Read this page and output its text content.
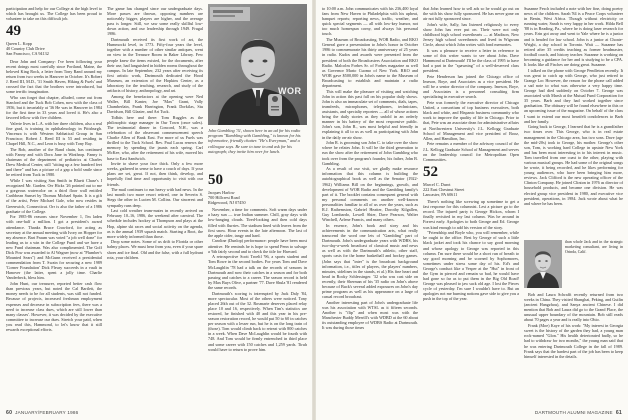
participation and help for our College at the high level to which has brought us. The College has been proud to volunteer to take on this difficult job.

49
Queen L. Kopp
40 Country Club Drive
San Francisco, CA 94132

Dear John and Company: I've been following your recent doings most carefully since Portland, Maine, the beloved King Rock, a letter from Tony Rand around my return from two weeks in Hanover in October. It's Robert J. Reed III, M.D., '31 Smith Haven, Hiking & Fuels' and crossed the fact that the brothers were introduced, but some terrific imagination.

Who can forget that chapter, alluded, come out from Stanford and the Tuck Bob Cohen, now with the class of 1956, but it invariably at '36 He was in Hanover in 1984 for the first time in 33 years and loved it. He's also a favored fellow with five children.

Valerie lives in L.A. with her three children, also a real fine grad, is training in ophthalmology in Pittsburgh. Vincenza is with Western Sabbatical Group in San Francisco; Robert J. Reed III is 53 and residing in Chapel Hill, N.C., and Leon is busy with Tony Ray.

The Bob, another of the Rand chain, has continued with Fanny and with Dora Jane in Winthrop. Fanny is chairman of the department of pediatrics at Charles Drew Medical Center, still "sitting up a few hundred feet and there" and has a picture of a gap a bold smile since he retired from Tuck in 1980.

While I was visiting San Smith in Bluett Chase's I recognized Mr. Garden. Orr Hicks '26 pointed out to me a gorgeous watercolor on a third floor wall entitled Caribbean Sunset by Thomas Michael Spain. It is a gift of the artist, Peter Michael Gale, who now resides in Greenwich, Connecticut. Orr is also the father of a 1986 graduate of the College.

For 1985-86 reasons since November 1, I'm laden with one-half a million. I got a president's award attendance. Thanks Bruce Crawford, for acting as secretary at the annual meeting with Ivory on Hopper for my absence. Bart Fraum was voted "a job well done" for leading us to a win in the College Fund and we have a new Fund chairman. Was also complimented. The Golf Dick Pow was awarded to Al Wagner (now at "Plumber's Mounted Sears") and McGunn received a presidential commendation from T. Swain for securing a new 1989 'Corner Foundation' Dick Fleury succeeds in a vault in Hanover (the latter, spent a jolly time. Charlie Vanderbeck, bless him.

John Hunt, our treasurer, reported better cash flow than previous years, but noted the Cal Bartlett, the money needs to be for all students, was still not funded. Because of projects, increased freshman employment expenses and decrease in subscription fees, there was a need to increase class dues, which are still lower than many classes'. However, it was decided by the executive committee to increase our dues. Stretch your paid, when you read this, Hammond, to let's know that it still rewards exceptional efforts.

The game has changed since our undergraduate days. More passes are thrown, opposing numbers are noticeably bigger, players are higher, and the average pass is longer. Still, we saw some really skillful low-down action, and our leadership through 1949. Frugal 1986.

Dartmouth received its first work of art, the Hummocki level, in 1773. Fifty-four years the level, together with a number of other similar antiques, went on view in the Treasure Room in Baker Library. Few people knew the items existed, for the documents, after their use, had languished in hidden rooms throughout the campus. In late September, 232 years after receiving its first artistic work, Dartmouth dedicated the Hood Museum, an extension of the Hopkins Center, as a laboratory for the teaching, research, and study of the artifacts of history, anthropology, and art.

Among the benefactors at the opening were Ned Waller, Bill Kanter, Joe "Max" Grant, Vally Chamberlain, Frank Harrington, Frank Dorkilas, Stu Davidson, Bill Glazier, and Art Tuck.

Tidbits here and there: Tom Ruggles as the philosophic stage manager in Our Town (once sales). The testimonial dinner in Concord, N.H., was a celebration of the observant commencement speech Charlie Allen of Bank East. For more of us Fuels was thrilled to the Tuck School. Rev. Paul Lucas renews the memory by spending the jaunts each spring. Carl McKee, who, after the retirement of his wife, moved his base to East Sandwich.

Invite to shave your face thick. Only a few more weeks, gathered in sense to have a couch of days. If your plans are set, great. If not, then think, develop, and hopefully find time and opportunity to visit with our friends.

The mail continues to run heavy with bad news. In the last month two more resort retired, one in Severin S. Stegs the other in Lucien M. Collins. Our sincerest and sympathy runs deep.

Last cold weather team-mates in recently arrived on February 10–16, 1986, the weekend after carnival. The schedule includes hockey at Thompson and plays at the Hop, alpine ski races and social activity on the agenda, as is the annual 1939 squash match. Starting a Boot, the more widely informed than those.

Drop some notes. Some of us drift to Florida or other balmy places. We must hear from you, even if your spare shoes and ice final. Old and the false, with a full hydrant rota, your children.

WOR
John Gambling '31, shown here in an ad for his radio program "Rambling with Gambling," is known for his informative, friendly chatter. "He's Everyman," and a colleague says. Be sure to tune in and ask for his autograph; they invite him over for lunch.
50
Jacques Harlow
700 Hillcrest Road
Ridgewood, NJ 07450

November, a time for comments. Soft warm days under a hazy sun — true Indian summer. Chill, gray days with low-hanging clouds. Tired-looking and then cold days filled with flurries. The stadium lined with leaves from the first snow. Hour events in the late afternoon. The last of the apple cider, tangy and hard.

Caroline (Dunlop) performance: people have been most attentive. He reminds he is hope to spend Penn to salvage a '6th fairly second and to check the title for Harvard.

A retrospective Scott Troeltl '96, a sports student and Tom Rowe in the second bodies. For years Tom and Dave McLaughlin '78 had a talk on the records of seasons in Dartmouth and now their catches in a season and for both passing and catches to a career. The season record is held by Max Buys Olive, a partner '77. Dave Shula '81 rendered the same records.

Dartmouth's scoring is interrupted by Jack Daly '84, more spectacular. Most of the others were noticed. Tony placed 26th out of the 32. Rosmarie deserves placed relay place 10 and 16, respectively. When Tim's statistics are restored, he finished with 40 and this year in his pre-season restoration record, he would put 50 to 60 in catches per season with a lesser run, but he is on the long train of (those). Tom would climb back to retreat with 800 catches in a week. When Dave McLaughlin would be fourth with 748. And Tom would be firmly entrenched in third place and some career with 150 catches and 1,259 yards. Tiruh would have to return to prove him.

60 JANUARY/FEBRUARY 1986

to 10:00 a.m. John communicates with his 236,400 loyal fans from New Haven to Philadelphia with his upbeat, banquet reports; reporting news, traffic, weather, and quick special segments — all with low-key humor, not too much homespun corny, and always his personal touch.

The Museum of Broadcasting, WOR Radio, and RKO General gave a presentation to John's honor in October 1986 to commemorate his thirty anniversary of 25 years in radio. Kudos and awards were presented from the president of both the Broadcasters Association and RKO Radio. Malcolm Forbes Sr. of Forbes magazine as well as Governor Mario Cuomo of New York. RKO and WOR gave $500,000 in John's name to the Museum of Broadcasting to establish and maintain a radio department.

This will make the pleasure of visiting and watching John in action this past fall on his popular daily shows. John is also an immaculate set of comments, dials, tapes, teamfeeds, microphones, telephones, technicians, assistants, and specialty reporters — all of whose actions bring the daily stories as they unfold in an orderly manner in his battery of the most responsive public. John's son, John R., was most helpful and friendly in explaining it all to us as well as participating with John in the daily on-air show.

John R. is grooming son John C. to take over the show where he relates John. It will be the third generation to run the show after the retirement of John Gambling who took over from the program's founder, his father, John B. Gambling.

As a result of our visit, we gladly make resource information that this column is building the autobiographical book as well as the Senator (1922-1962) Williams Bill on the beginnings, growth, and development of WOR Radio and the Gambling family's part of it. The booklet contains consequent general with my personal comments on another well-known personalities familiar to all of us over the years, such as R.J. Rathemston, Gabriel Heatter, Dorothy Kilgallen, Guy Lombardo, Lowell Shier, Dave Pearson, Walter Winchell, Arlene Francis, and many others.

In essence, John's book and story and his achievements in the communication arts, what really transcend the word one lets of "Gambling" part of Dartmouth. John's undergraduate years with WDBS, his two-day-a-week broadcast of classical music and news as well as with the Dartmouth's athletic, other staff, sports casts for the home basketball and hockey games. (John says that "inter" is the broadcast background information, i.e., titles of players, the players' numbers, minutes, sidelines in the stands, et al.) His fine heart and head in Rocky Schlessinger. '32 who was cast side on recently, their Sherman of his '35 radio on John's above because of Buck's several added exposures on John's day prime program as well as his appearance on a large of casual record broadcast.

Another interesting part of John's undergraduate life was his association with WTSL as it fifteen seconds. Another is "flip" and when most was with the Manchester Buddy Merrill's with WDBD at the 60 about its outstanding employee of WDBS Radio at Dartmouth. It was during those times

that John learned how to sell ads so he would go out on the with his show fully sponsored. He has never gone on air not fully sponsored since.

John's wife, Sally, has listened religiously to every show John has ever put on. Their were not only childhood high school sweethearts — at Madison, New Jersey high school sweethearts and lived in Wigwam Circle, about which John writes with fond memories.

It was a pleasure to receive a letter in reference to some of this writer wants to see about John. Dave Hammond at Dartmouth! I'll be the class of 1995 to have had a part in the "spawning" of a well-deserved class president.

Pete Henderson has joined the Chicago office of Imeson, Boye, and Associates as a vice president. He will be a senior director of the company. Imeson, Boye, and Associates is a personnel consulting firm specializing in executive search.

Pete was formerly the executive director of Chicago United, a consortium of top business executives, both black and white, and Hispanic business community who work to improve the quality of life in Chicago. Prior to that, Pete was an associate dean for administrative affairs at Northwestern University's J.L. Kellogg Graduate School of Management and vice president of Booz, Allen, and Hamilton, Inc.

Pete remains a member of the advisory council of the J.L. Kellogg Graduate School of Management and serves on the leadership council for Metropolitan Open Communities.

52
Marcel C. Durot
222 East Chestnut Street
Lancaster, PA 60611

There's nothing like screwing up sometime to get a fast response for this columnist. Lest a picture go to the record. The injured party is George Hickox, whom I finally revisited in my last column. Was he around in Forrest early. Apologies to both George and Ed. George was kind enough to add his version of the story.

"Friendship and Boyle who, you will remember, while he ought to the office. Best by George of such a little black jacket and took his chance to say good morning and whose apology to George was reported in this column. I'm sure there would be a short run of breath to say good morning and be scorned by Sophomores, sometimes under stress some day of his. Ed's and George's conduct like a Vesper at the "Hut" in front of the Gym in pierced and remain so bad, he would have had gone so far as to put them in the Big Old Road! George was pleased to jaw sack old age. I lost the Pieces cycle of yesterday. I'm sure I wouldn't have to. But an apologies not me burning notions gave side to give you a push in the top of the year.

Suzanne Fesch included a note with her fine, doing poetry news of the children. Sarah '84 is a Peace Corps volunteer in Benin, West Africa. Though without electricity or running water, Sarah is very happy in her work. Hilda Bell '88 is in Reading, Pa., where he is doing laser research for years. Erin got away and went to Yale where he is a junior and is headed for law school. John is a junior at Choate-Wright, a day school in Toronto. Wait — Suzanne has retired after 35 credits teaching as former headmaster, football coach, and history teacher. Suzanne is working on becoming a guidance for her and is studying to be a CPA. It looks like all Fisches are doing great. Suzanne.

I talked on the phone with George Pendleton recently. It was great to catch up with George, who just retired to Grange Loc However, the reason for the phone call added a sad note to what was otherwise a very happy time. George had died suddenly on October 7. George was associated with Marsh at the Mutual Fund Corporation for 35 years. Barb and they had worked together since graduation. The obituary will be found elsewhere in this or an upcoming issue of the magazine. On behalf of the class I want to extend our most heartfelt condolences to Barb and her family.

Going back to George, I learned that he is a grandfather two times over. This George, who is in real estate management in the Chicago area, has two sons. Dave (age the mid-20s) took to George, his mother. George's other son, Tom, is working hard College in upstate New York and has been most interesting in to his interest in music. Tom travelled from one coast to the other, playing with various musical groups. He had some of the original songs he wrote, it being recorded, and he likes performing for young audiences, who have been bringing him more, reviews. Jack Clifford is the new operating officer of the Clinton Company. He joined Clinton in 1976 as director of household products, and became one division. He was elected group vice president in 1980, and executive vice president, operations, in 1984. Jack wrote about what he and where he has been.

than whole Jack and in the strategic marketing consultant, are living in Orinda, Calif.

Bob and Laura Schrafft recently returned from two weeks in China. They visited Shanghai, Peking, and Guilin (ancient Hangzhou), and Sanya ancient Chinese. I did mention that Bob and Laura did go to the Grand Place, the unusual upper boundary of the mountain. Bob still reads about 70 pages a year and is really into Ohio.

Frank (Moe) Kaye of his work: "My interest in Georgia sweet is the history of the garden they had, a young man rock-named "Glon." His health deteriorated badly, so he had to withdraw for two months," the young man said that he was entering Dartmouth College in the fall of 1989. Frank says that the hardest part of the job has been to keep himself interested in the details.

DARTMOUTH ALUMNI MAGAZINE 61
